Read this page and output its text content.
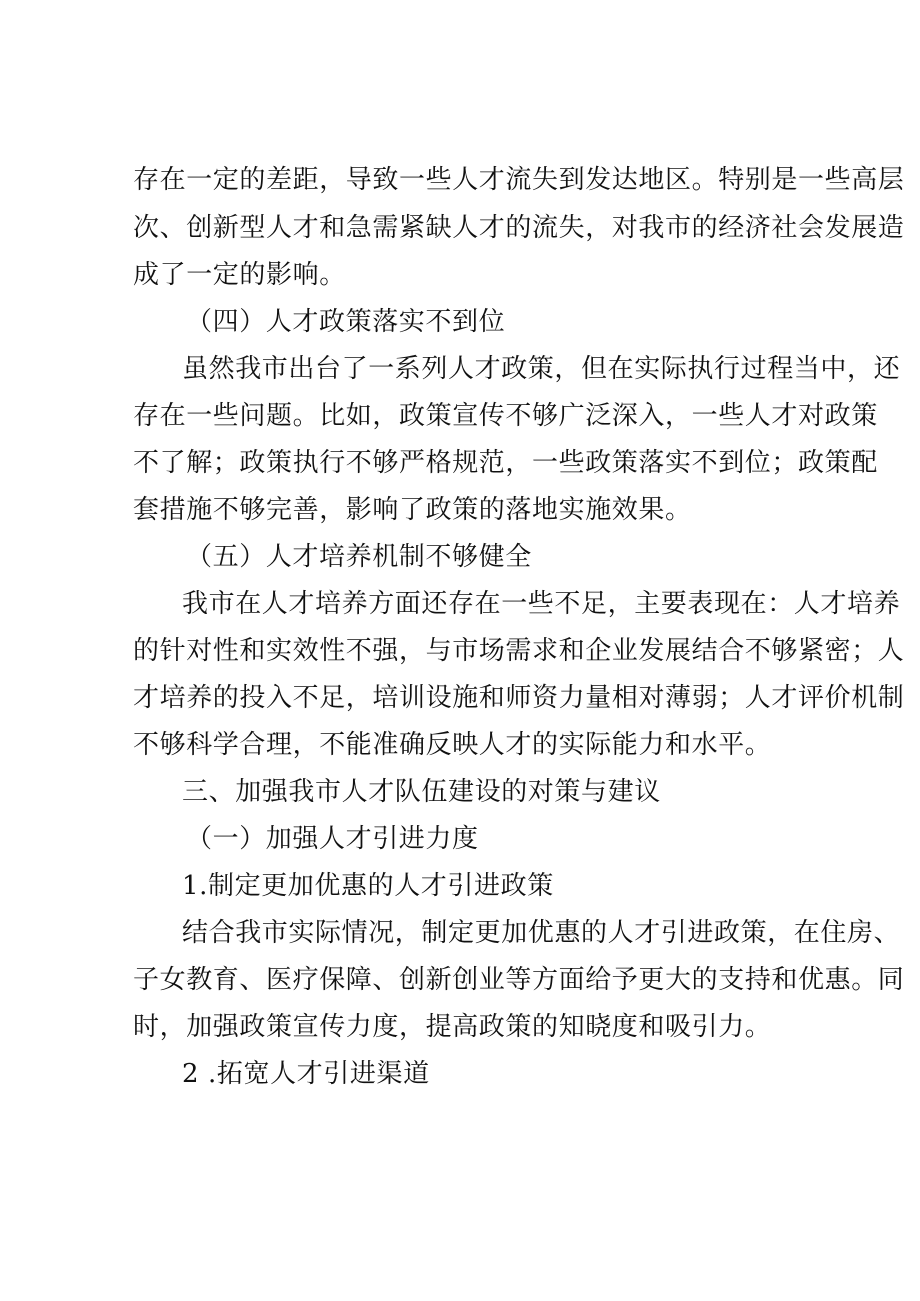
存在一定的差距，导致一些人才流失到发达地区。特别是一些高层

次、创新型人才和急需紧缺人才的流失，对我市的经济社会发展造

成了一定的影响。

（四）人才政策落实不到位

虽然我市出台了一系列人才政策，但在实际执行过程当中，还

存在一些问题。比如，政策宣传不够广泛深入，一些人才对政策

不了解；政策执行不够严格规范，一些政策落实不到位；政策配

套措施不够完善，影响了政策的落地实施效果。

（五）人才培养机制不够健全

我市在人才培养方面还存在一些不足，主要表现在：人才培养

的针对性和实效性不强，与市场需求和企业发展结合不够紧密；人

才培养的投入不足，培训设施和师资力量相对薄弱；人才评价机制

不够科学合理，不能准确反映人才的实际能力和水平。

三、加强我市人才队伍建设的对策与建议

（一）加强人才引进力度

1.制定更加优惠的人才引进政策

结合我市实际情况，制定更加优惠的人才引进政策，在住房、

子女教育、医疗保障、创新创业等方面给予更大的支持和优惠。同

时，加强政策宣传力度，提高政策的知晓度和吸引力。

2 .拓宽人才引进渠道
